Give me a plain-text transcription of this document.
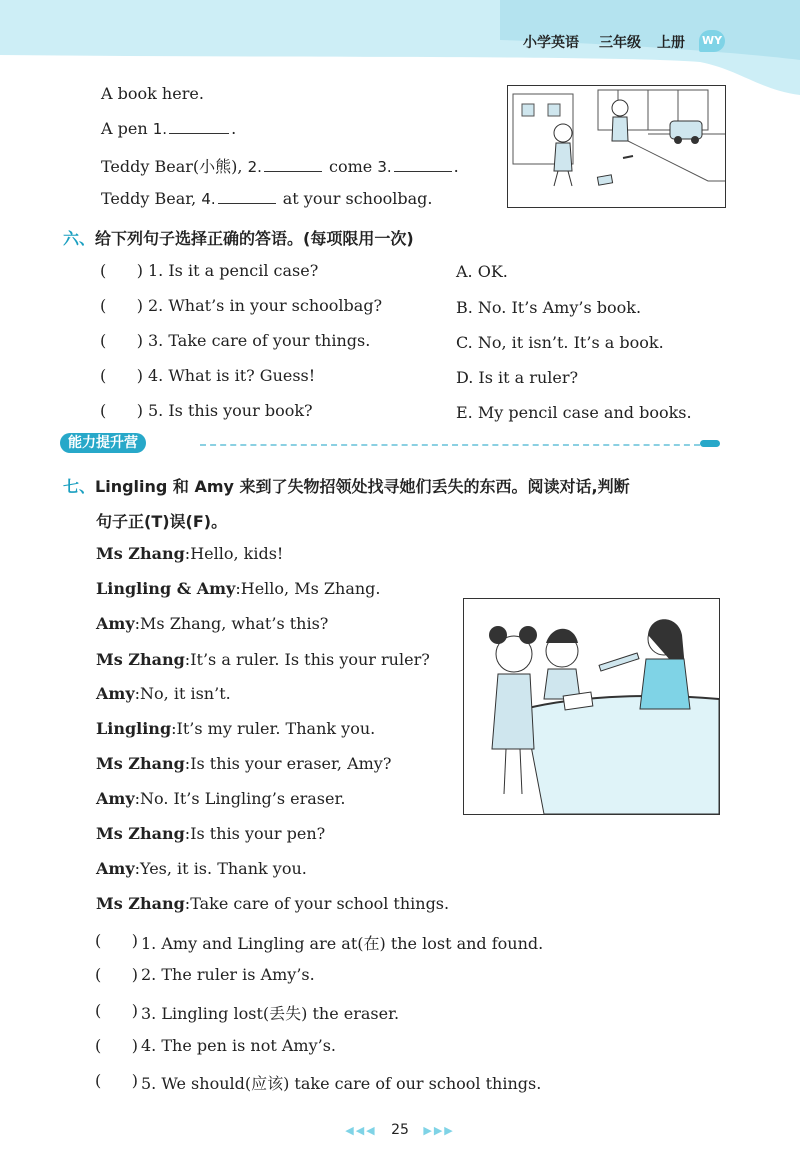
小学英语 三年级 上册 WY
A book here.
A pen 1.	.
Teddy Bear(小熊), 2.	come 3.	.
Teddy Bear, 4.	at your schoolbag.
六、给下列句子选择正确的答语。(每项限用一次)
(      ) 1. Is it a pencil case?
(      ) 2. What’s in your schoolbag?
(      ) 3. Take care of your things.
(      ) 4. What is it? Guess!
(      ) 5. Is this your book?
A. OK.
B. No. It’s Amy’s book.
C. No, it isn’t. It’s a book.
D. Is it a ruler?
E. My pencil case and books.
能力提升营
七、Lingling 和 Amy 来到了失物招领处找寻她们丢失的东西。阅读对话,判断
句子正(T)误(F)。
Ms Zhang:Hello, kids!
Lingling & Amy:Hello, Ms Zhang.
Amy:Ms Zhang, what’s this?
Ms Zhang:It’s a ruler. Is this your ruler?
Amy:No, it isn’t.
Lingling:It’s my ruler. Thank you.
Ms Zhang:Is this your eraser, Amy?
Amy:No. It’s Lingling’s eraser.
Ms Zhang:Is this your pen?
Amy:Yes, it is. Thank you.
Ms Zhang:Take care of your school things.
(      ) 1. Amy and Lingling are at(在) the lost and found.
(      ) 2. The ruler is Amy’s.
(      ) 3. Lingling lost(丢失) the eraser.
(      ) 4. The pen is not Amy’s.
(      ) 5. We should(应该) take care of our school things.
◀◀◀ 25 ▶▶▶
